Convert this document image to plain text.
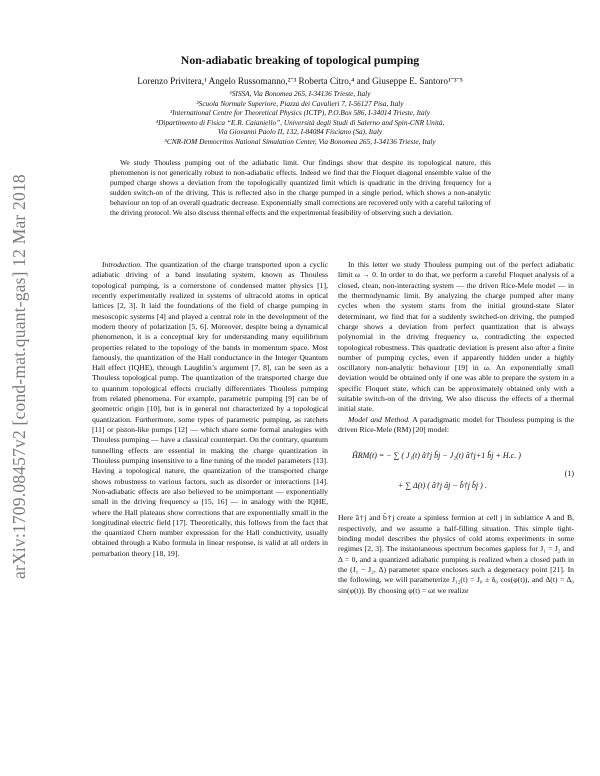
arXiv:1709.08457v2 [cond-mat.quant-gas] 12 Mar 2018
Non-adiabatic breaking of topological pumping
Lorenzo Privitera,¹ Angelo Russomanno,²ˉ³ Roberta Citro,⁴ and Giuseppe E. Santoro¹ˉ³ˉ⁵
¹SISSA, Via Bonomea 265, I-34136 Trieste, Italy
²Scuola Normale Superiore, Piazza dei Cavalieri 7, I-56127 Pisa, Italy
³International Centre for Theoretical Physics (ICTP), P.O.Box 586, I-34014 Trieste, Italy
⁴Dipartimento di Fisica “E.R. Caianiello”, Università degli Studi di Salerno and Spin-CNR Unità,
Via Giovanni Paolo II, 132, I-84084 Fisciano (Sa), Italy
⁵CNR-IOM Democritos National Simulation Center, Via Bonomea 265, I-34136 Trieste, Italy
We study Thouless pumping out of the adiabatic limit. Our findings show that despite its topological nature, this phenomenon is not generically robust to non-adiabatic effects. Indeed we find that the Floquet diagonal ensemble value of the pumped charge shows a deviation from the topologically quantized limit which is quadratic in the driving frequency for a sudden switch-on of the driving. This is reflected also in the charge pumped in a single period, which shows a non-analytic behaviour on top of an overall quadratic decrease. Exponentially small corrections are recovered only with a careful tailoring of the driving protocol. We also discuss thermal effects and the experimental feasibility of observing such a deviation.

Introduction. The quantization of the charge transported upon a cyclic adiabatic driving of a band insulating system, known as Thouless topological pumping, is a cornerstone of condensed matter physics [1], recently experimentally realized in systems of ultracold atoms in optical lattices [2, 3]. It laid the foundations of the field of charge pumping in mesoscopic systems [4] and played a central role in the development of the modern theory of polarization [5, 6]. Moreover, despite being a dynamical phenomenon, it is a conceptual key for understanding many equilibrium properties related to the topology of the bands in momentum space. Most famously, the quantization of the Hall conductance in the Integer Quantum Hall effect (IQHE), through Laughlin’s argument [7, 8], can be seen as a Thouless topological pump. The quantization of the transported charge due to quantum topological effects crucially differentiates Thouless pumping from related phenomena. For example, parametric pumping [9] can be of geometric origin [10], but is in general not characterized by a topological quantization. Furthermore, some types of parametric pumping, as ratchets [11] or piston-like pumps [12] — which share some formal analogies with Thouless pumping — have a classical counterpart. On the contrary, quantum tunnelling effects are essential in making the charge quantization in Thouless pumping insensitive to a fine tuning of the model parameters [13]. Having a topological nature, the quantization of the transported charge shows robustness to various factors, such as disorder or interactions [14]. Non-adiabatic effects are also believed to be unimportant — exponentially small in the driving frequency ω [15, 16] — in analogy with the IQHE, where the Hall plateaus show corrections that are exponentially small in the longitudinal electric field [17]. Theoretically, this follows from the fact that the quantized Chern number expression for the Hall conductivity, usually obtained through a Kubo formula in linear response, is valid at all orders in perturbation theory [18, 19].

In this letter we study Thouless pumping out of the perfect adiabatic limit ω → 0. In order to do that, we perform a careful Floquet analysis of a closed, clean, non-interacting system — the driven Rice-Mele model — in the thermodynamic limit. By analyzing the charge pumped after many cycles when the system starts from the initial ground-state Slater determinant, we find that for a suddenly switched-on driving, the pumped charge shows a deviation from perfect quantization that is always polynomial in the driving frequency ω, contradicting the expected topological robustness. This quadratic deviation is present also after a finite number of pumping cycles, even if apparently hidden under a highly oscillatory non-analytic behaviour [19] in ω. An exponentially small deviation would be obtained only if one was able to prepare the system in a specific Floquet state, which can be approximately obtained only with a suitable switch-on of the driving. We also discuss the effects of a thermal initial state.

Model and Method. A paradigmatic model for Thouless pumping is the driven Rice-Mele (RM) [20] model:

ĤRM(t) = − ∑ ( J₁(t) â†j b̂j − J₂(t) â†j+1 b̂j + H.c. )
+ ∑ Δ(t) ( â†j âj − b̂†j b̂j ) .
(1)

Here â†j and b̂†j create a spinless fermion at cell j in sublattice A and B, respectively, and we assume a half-filling situation. This simple tight-binding model describes the physics of cold atoms experiments in some regimes [2, 3]. The instantaneous spectrum becomes gapless for J₁ = J₂ and Δ = 0, and a quantized adiabatic pumping is realized when a closed path in the (J₁ − J₂, Δ) parameter space encloses such a degeneracy point [21]. In the following, we will parameterize J₁₂(t) = J₀ ± δ₀ cos(φ(t)), and Δ(t) = Δ₀ sin(φ(t)). By choosing φ(t) = ωt we realize
